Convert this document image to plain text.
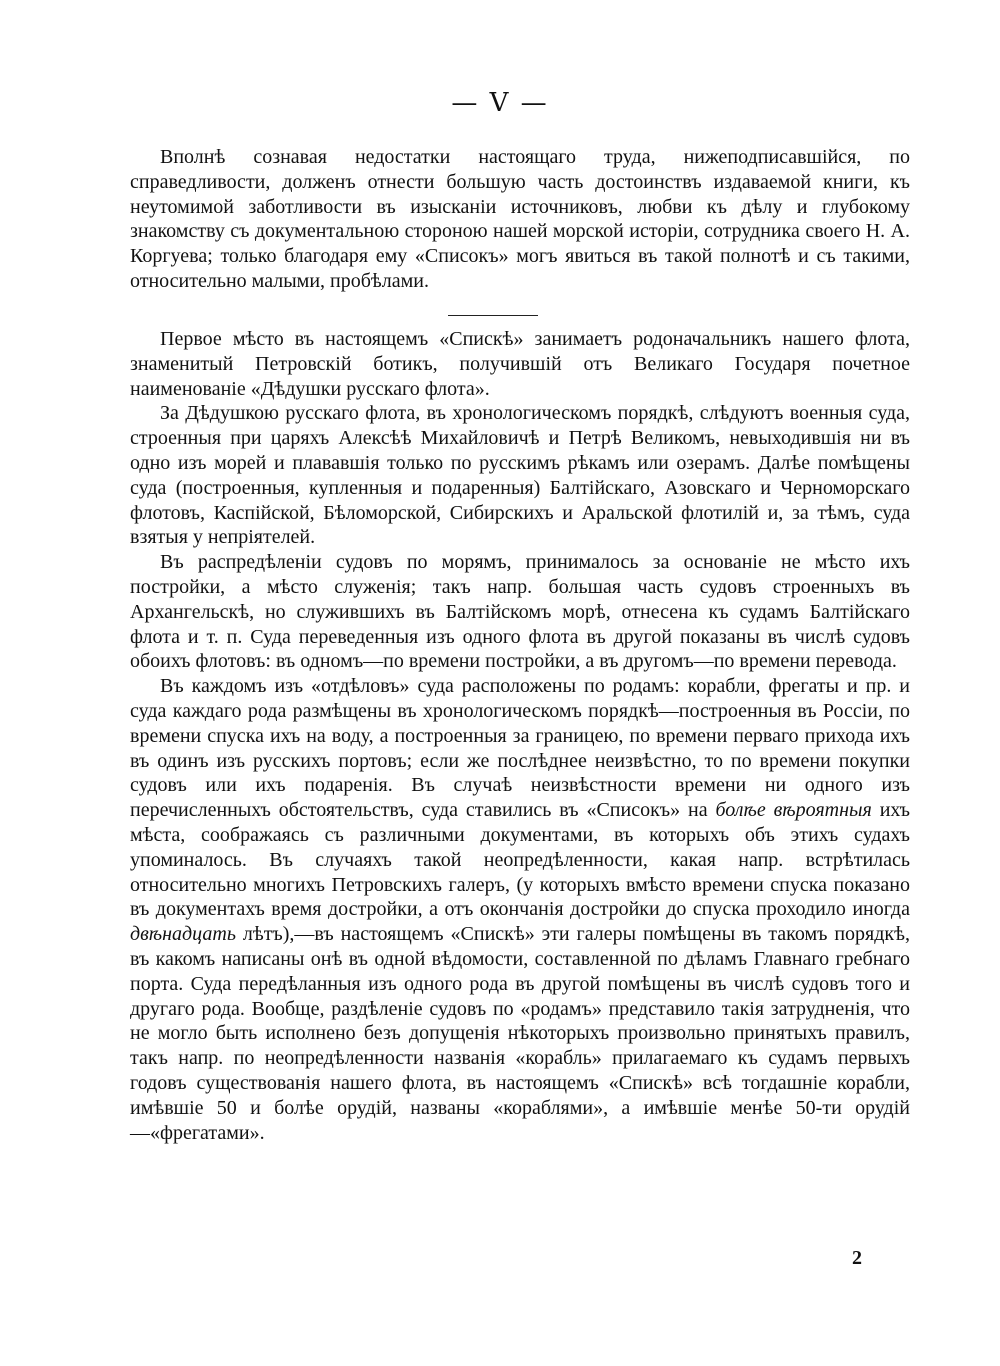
— V —

Вполнѣ сознавая недостатки настоящаго труда, нижеподписавшійся, по справедливости, долженъ отнести большую часть достоинствъ издаваемой книги, къ неутомимой заботливости въ изысканіи источниковъ, любви къ дѣлу и глубокому знакомству съ документальною стороною нашей морской исторіи, сотрудника своего Н. А. Коргуева; только благодаря ему «Списокъ» могъ явиться въ такой полнотѣ и съ такими, относительно малыми, пробѣлами.

Первое мѣсто въ настоящемъ «Спискѣ» занимаетъ родоначальникъ нашего флота, знаменитый Петровскій ботикъ, получившій отъ Великаго Государя почетное наименованіе «Дѣдушки русскаго флота».

За Дѣдушкою русскаго флота, въ хронологическомъ порядкѣ, слѣдуютъ военныя суда, строенныя при царяхъ Алексѣѣ Михайловичѣ и Петрѣ Великомъ, невыходившія ни въ одно изъ морей и плававшія только по русскимъ рѣкамъ или озерамъ. Далѣе помѣщены суда (построенныя, купленныя и подаренныя) Балтійскаго, Азовскаго и Черноморскаго флотовъ, Каспійской, Бѣломорской, Сибирскихъ и Аральской флотилій и, за тѣмъ, суда взятыя у непріятелей.

Въ распредѣленіи судовъ по морямъ, принималось за основаніе не мѣсто ихъ постройки, а мѣсто служенія; такъ напр. большая часть судовъ строенныхъ въ Архангельскѣ, но служившихъ въ Балтійскомъ морѣ, отнесена къ судамъ Балтійскаго флота и т. п. Суда переведенныя изъ одного флота въ другой показаны въ числѣ судовъ обоихъ флотовъ: въ одномъ—по времени постройки, а въ другомъ—по времени перевода.

Въ каждомъ изъ «отдѣловъ» суда расположены по родамъ: корабли, фрегаты и пр. и суда каждаго рода размѣщены въ хронологическомъ порядкѣ—построенныя въ Россіи, по времени спуска ихъ на воду, а построенныя за границею, по времени перваго прихода ихъ въ одинъ изъ русскихъ портовъ; если же послѣднее неизвѣстно, то по времени покупки судовъ или ихъ подаренія. Въ случаѣ неизвѣстности времени ни одного изъ перечисленныхъ обстоятельствъ, суда ставились въ «Списокъ» на болѣе вѣроятныя ихъ мѣста, соображаясь съ различными документами, въ которыхъ объ этихъ судахъ упоминалось. Въ случаяхъ такой неопредѣленности, какая напр. встрѣтилась относительно многихъ Петровскихъ галеръ, (у которыхъ вмѣсто времени спуска показано въ документахъ время достройки, а отъ окончанія достройки до спуска проходило иногда двѣнадцать лѣтъ),—въ настоящемъ «Спискѣ» эти галеры помѣщены въ такомъ порядкѣ, въ какомъ написаны онѣ въ одной вѣдомости, составленной по дѣламъ Главнаго гребнаго порта. Суда передѣланныя изъ одного рода въ другой помѣщены въ числѣ судовъ того и другаго рода. Вообще, раздѣленіе судовъ по «родамъ» представило такія затрудненія, что не могло быть исполнено безъ допущенія нѣкоторыхъ произвольно принятыхъ правилъ, такъ напр. по неопредѣленности названія «корабль» прилагаемаго къ судамъ первыхъ годовъ существованія нашего флота, въ настоящемъ «Спискѣ» всѣ тогдашніе корабли, имѣвшіе 50 и болѣе орудій, названы «кораблями», а имѣвшіе менѣе 50-ти орудій—«фрегатами».

2
